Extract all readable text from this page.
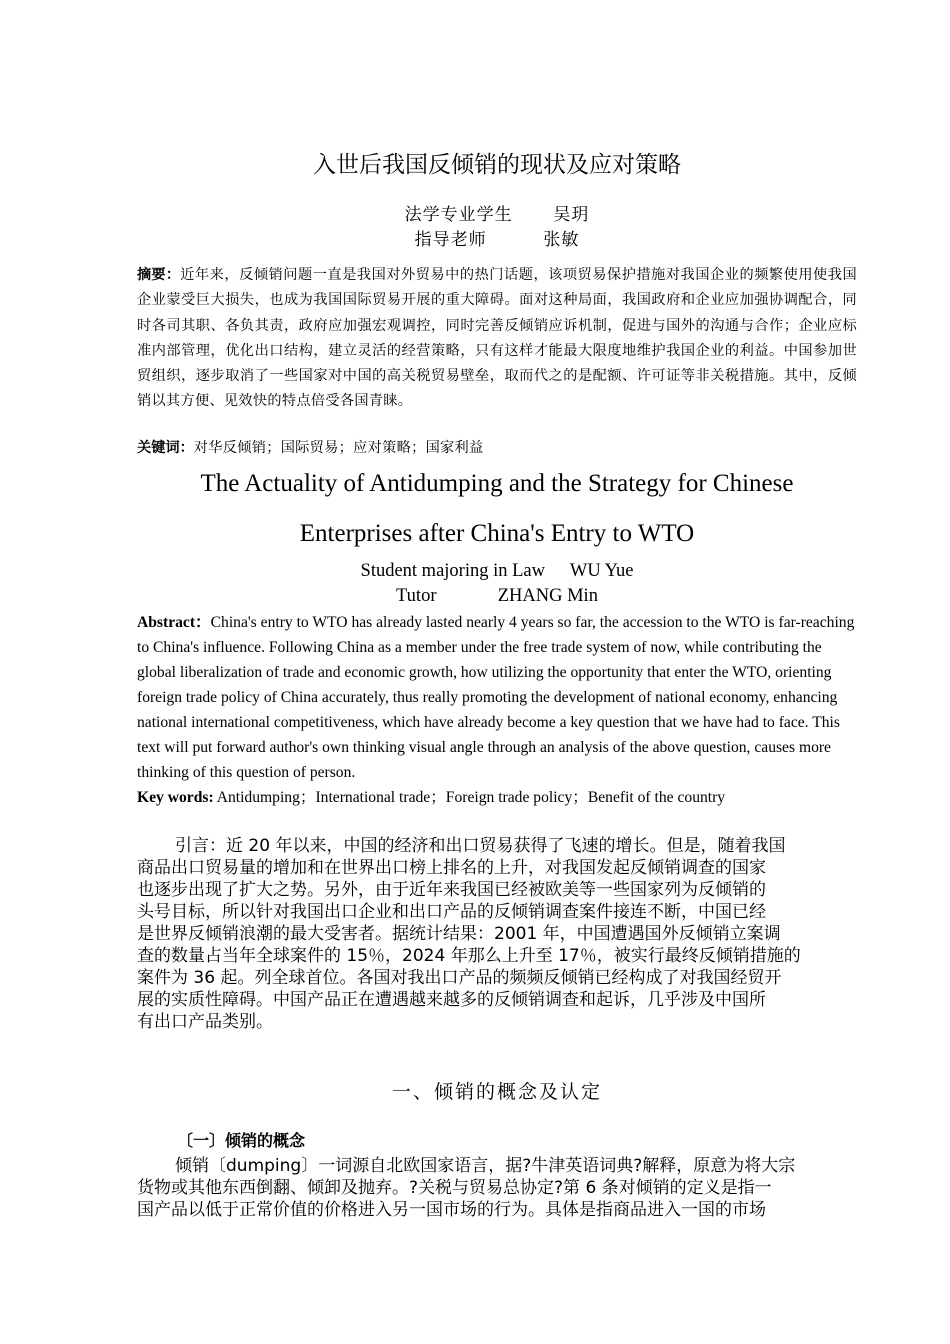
入世后我国反倾销的现状及应对策略
法学专业学生 吴玥
指导老师	张敏
摘要：近年来，反倾销问题一直是我国对外贸易中的热门话题，该项贸易保护措施对我国企业的频繁使用使我国企业蒙受巨大损失，也成为我国国际贸易开展的重大障碍。面对这种局面，我国政府和企业应加强协调配合，同时各司其职、各负其责，政府应加强宏观调控，同时完善反倾销应诉机制，促进与国外的沟通与合作；企业应标准内部管理，优化出口结构，建立灵活的经营策略，只有这样才能最大限度地维护我国企业的利益。中国参加世贸组织，逐步取消了一些国家对中国的高关税贸易壁垒，取而代之的是配额、许可证等非关税措施。其中，反倾销以其方便、见效快的特点倍受各国青睐。
关键词：对华反倾销；国际贸易；应对策略；国家利益
The Actuality of Antidumping and the Strategy for Chinese
Enterprises after China's Entry to WTO
Student majoring in Law WU Yue
Tutor	ZHANG Min
Abstract：China's entry to WTO has already lasted nearly 4 years so far, the accession to the WTO is far-reaching to China's influence. Following China as a member under the free trade system of now, while contributing the global liberalization of trade and economic growth, how utilizing the opportunity that enter the WTO, orienting foreign trade policy of China accurately, thus really promoting the development of national economy, enhancing national international competitiveness, which have already become a key question that we have had to face. This text will put forward author's own thinking visual angle through an analysis of the above question, causes more thinking of this question of person.
Key words: Antidumping；International trade；Foreign trade policy；Benefit of the country
引言：近 20 年以来，中国的经济和出口贸易获得了飞速的增长。但是，随着我国
商品出口贸易量的增加和在世界出口榜上排名的上升，对我国发起反倾销调查的国家
也逐步出现了扩大之势。另外，由于近年来我国已经被欧美等一些国家列为反倾销的
头号目标，所以针对我国出口企业和出口产品的反倾销调查案件接连不断，中国已经
是世界反倾销浪潮的最大受害者。据统计结果：2001 年，中国遭遇国外反倾销立案调
查的数量占当年全球案件的 15％，2024 年那么上升至 17％，被实行最终反倾销措施的
案件为 36 起。列全球首位。各国对我出口产品的频频反倾销已经构成了对我国经贸开
展的实质性障碍。中国产品正在遭遇越来越多的反倾销调查和起诉，几乎涉及中国所
有出口产品类别。
一、倾销的概念及认定
〔一〕倾销的概念
倾销〔dumping〕一词源自北欧国家语言，据?牛津英语词典?解释，原意为将大宗
货物或其他东西倒翻、倾卸及抛弃。?关税与贸易总协定?第 6 条对倾销的定义是指一
国产品以低于正常价值的价格进入另一国市场的行为。具体是指商品进入一国的市场
